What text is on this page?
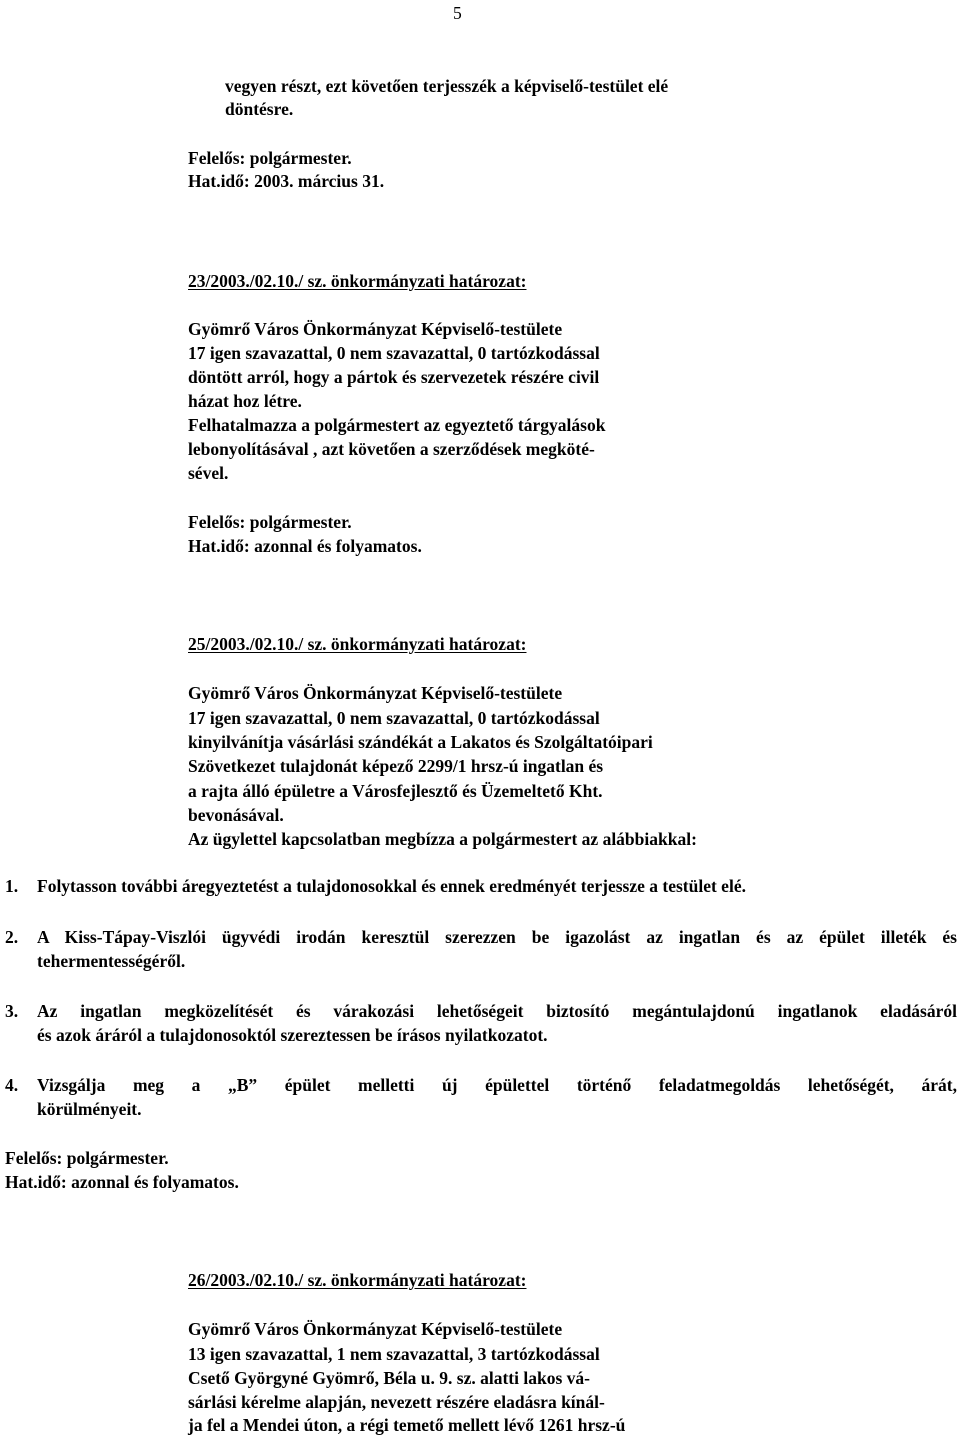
5
vegyen részt, ezt követően terjesszék a képviselő-testület elé
döntésre.
Felelős: polgármester.
Hat.idő: 2003. március 31.
23/2003./02.10./ sz. önkormányzati határozat:
Gyömrő Város Önkormányzat Képviselő-testülete
17 igen szavazattal, 0 nem szavazattal, 0 tartózkodással
döntött arról, hogy a pártok és szervezetek részére civil
házat hoz létre.
Felhatalmazza a polgármestert az egyeztető tárgyalások
lebonyolításával , azt követően a szerződések megköté-
sével.
Felelős: polgármester.
Hat.idő: azonnal és folyamatos.
25/2003./02.10./ sz. önkormányzati határozat:
Gyömrő Város Önkormányzat Képviselő-testülete
17 igen szavazattal, 0 nem szavazattal, 0 tartózkodással
kinyilvánítja vásárlási szándékát a Lakatos és Szolgáltatóipari
Szövetkezet tulajdonát képező 2299/1 hrsz-ú ingatlan és
a rajta álló épületre a Városfejlesztő és Üzemeltető Kht.
bevonásával.
Az ügylettel kapcsolatban megbízza a polgármestert az alábbiakkal:
1. Folytasson további áregyeztetést a tulajdonosokkal és ennek eredményét terjessze a testület elé.
2. A Kiss-Tápay-Viszlói ügyvédi irodán keresztül szerezzen be igazolást az ingatlan és az épület illeték és
tehermentességéről.
3. Az ingatlan megközelítését és várakozási lehetőségeit biztosító megántulajdonú ingatlanok eladásáról
és azok áráról a tulajdonosoktól szereztessen be írásos nyilatkozatot.
4. Vizsgálja meg a „B” épület melletti új épülettel történő feladatmegoldás lehetőségét, árát,
körülményeit.
Felelős: polgármester.
Hat.idő: azonnal és folyamatos.
26/2003./02.10./ sz. önkormányzati határozat:
Gyömrő Város Önkormányzat Képviselő-testülete
13 igen szavazattal, 1 nem szavazattal, 3 tartózkodással
Csető Györgyné Gyömrő, Béla u. 9. sz. alatti lakos vá-
sárlási kérelme alapján, nevezett részére eladásra kínál-
ja fel a Mendei úton, a régi temető mellett lévő 1261 hrsz-ú
